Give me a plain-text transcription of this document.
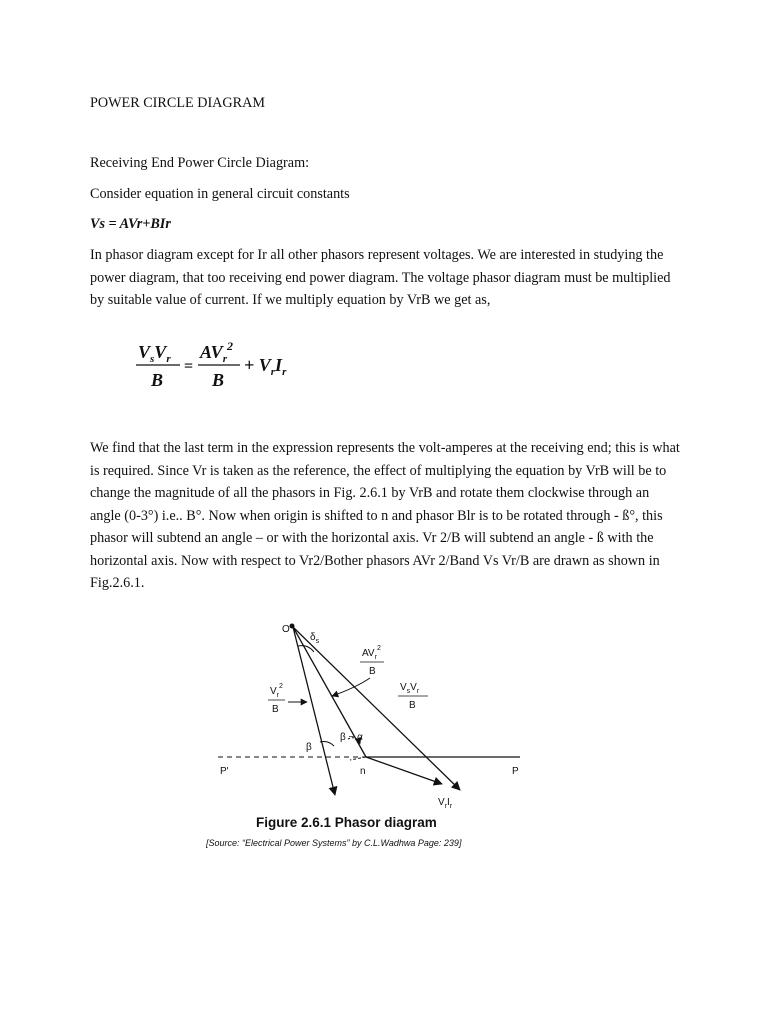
POWER CIRCLE DIAGRAM

Receiving End Power Circle Diagram:

Consider equation in general circuit constants

Vs = AVr+BIr

In phasor diagram except for Ir all other phasors represent voltages. We are interested in studying the power diagram, that too receiving end power diagram. The voltage phasor diagram must be multiplied by suitable value of current. If we multiply equation by VrB we get as,

$V_sV_r$
B
=
$AV_r^2$
B
+ $V_rI_r$

We find that the last term in the expression represents the volt-amperes at the receiving end; this is what is required. Since Vr is taken as the reference, the effect of multiplying the equation by VrB will be to change the magnitude of all the phasors in Fig. 2.6.1 by VrB and rotate them clockwise through an angle (0-3°) i.e.. B°. Now when origin is shifted to n and phasor Blr is to be rotated through - ß°, this phasor will subtend an angle – or with the horizontal axis. Vr 2/B will subtend an angle - ß with the horizontal axis. Now with respect to Vr2/Bother phasors AVr 2/Band Vs Vr/B are drawn as shown in Fig.2.6.1.

O
P'	P
n
$\delta_s$
β
β − α
$V_r^2$
B
$AV_r^2$
B
$V_sV_r$
B
$V_rI_r$
Figure 2.6.1 Phasor diagram
[Source: “Electrical Power Systems” by C.L.Wadhwa Page: 239]
